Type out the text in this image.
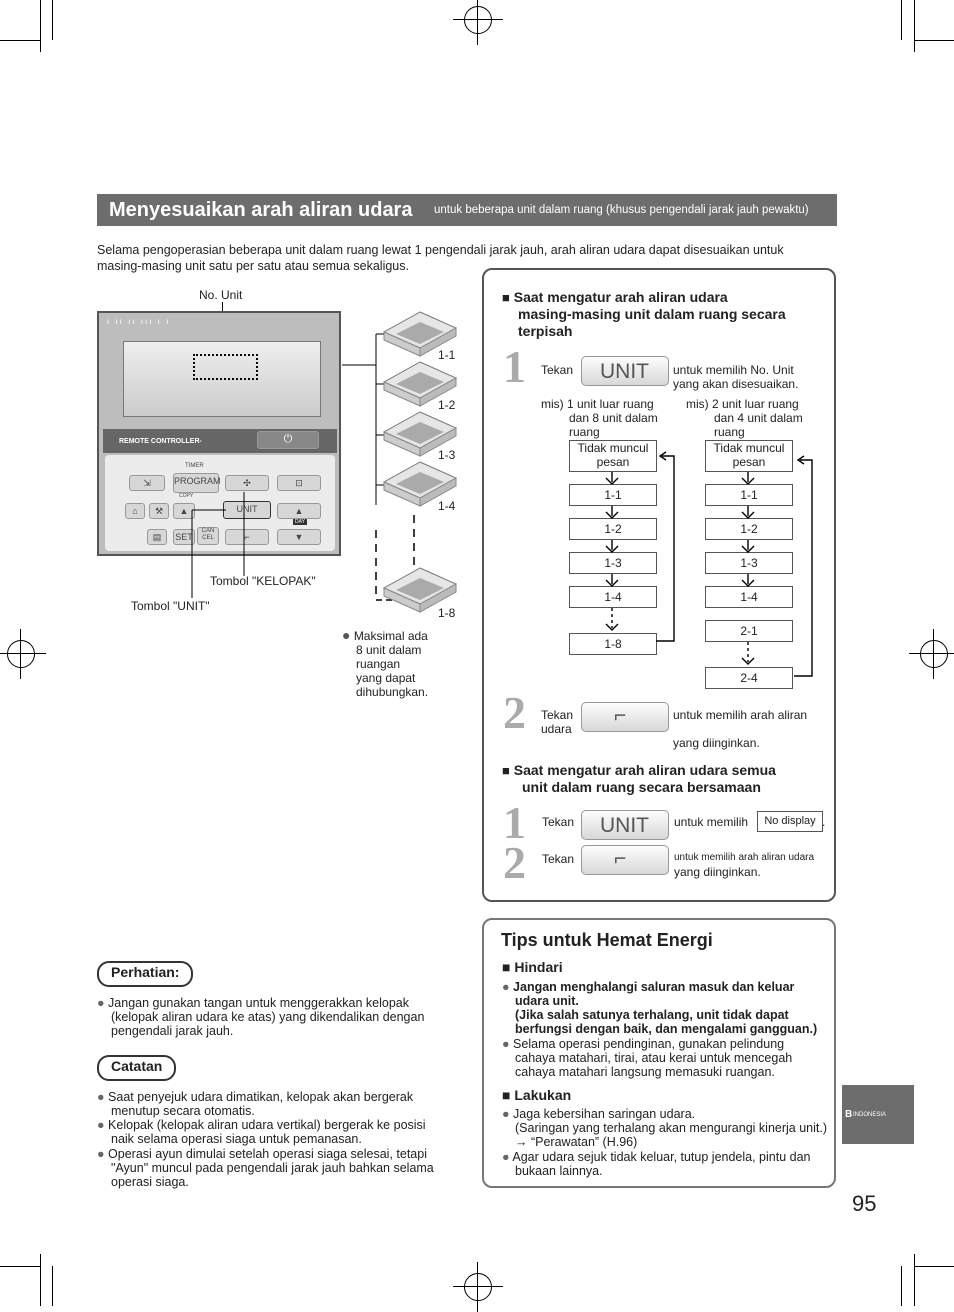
Menyesuaikan arah aliran udara untuk beberapa unit dalam ruang (khusus pengendali jarak jauh pewaktu)
Selama pengoperasian beberapa unit dalam ruang lewat 1 pengendali jarak jauh, arah aliran udara dapat disesuaikan untuk masing-masing unit satu per satu atau semua sekaligus.
No. Unit
ı ıı ıı ııı ı ı
REMOTE CONTROLLER-	⏻
TIMER
⇲	PROGRAM	✣	⊡
COPY
⌂	⚒	▲	UNIT	▲
DAY
▤	SET
CAN CEL	⌐	▼
1-1
1-2
1-3
1-4
1-8
Tombol "KELOPAK"
Tombol "UNIT"
● Maksimal ada
8 unit dalam
ruangan
yang dapat
dihubungkan.
■ Saat mengatur arah aliran udara
masing-masing unit dalam ruang secara
terpisah
1 Tekan UNIT untuk memilih No. Unit
yang akan disesuaikan.
mis) 1 unit luar ruang
dan 8 unit dalam
ruang
mis) 2 unit luar ruang
dan 4 unit dalam
ruang
Tidak muncul
pesan
1-1
1-2
1-3
1-4
1-8
Tidak muncul
pesan
1-1
1-2
1-3
1-4
2-1
2-4
2 Tekan
udara
⌐	untuk memilih arah aliran
yang diinginkan.
■ Saat mengatur arah aliran udara semua
unit dalam ruang secara bersamaan
1 Tekan UNIT untuk memilih	No display .
2 Tekan ⌐	untuk memilih arah aliran udara
yang diinginkan.
Tips untuk Hemat Energi
■ Hindari
● Jangan menghalangi saluran masuk dan keluar
udara unit.
(Jika salah satunya terhalang, unit tidak dapat
berfungsi dengan baik, dan mengalami gangguan.)
● Selama operasi pendinginan, gunakan pelindung
cahaya matahari, tirai, atau kerai untuk mencegah
cahaya matahari langsung memasuki ruangan.
■ Lakukan
● Jaga kebersihan saringan udara.
(Saringan yang terhalang akan mengurangi kinerja unit.)
→ “Perawatan” (H.96)
● Agar udara sejuk tidak keluar, tutup jendela, pintu dan
bukaan lainnya.
Perhatian:
● Jangan gunakan tangan untuk menggerakkan kelopak
(kelopak aliran udara ke atas) yang dikendalikan dengan
pengendali jarak jauh.
Catatan
● Saat penyejuk udara dimatikan, kelopak akan bergerak
menutup secara otomatis.
● Kelopak (kelopak aliran udara vertikal) bergerak ke posisi
naik selama operasi siaga untuk pemanasan.
● Operasi ayun dimulai setelah operasi siaga selesai, tetapi
"Ayun" muncul pada pengendali jarak jauh bahkan selama
operasi siaga.
B INDONESIA
95
